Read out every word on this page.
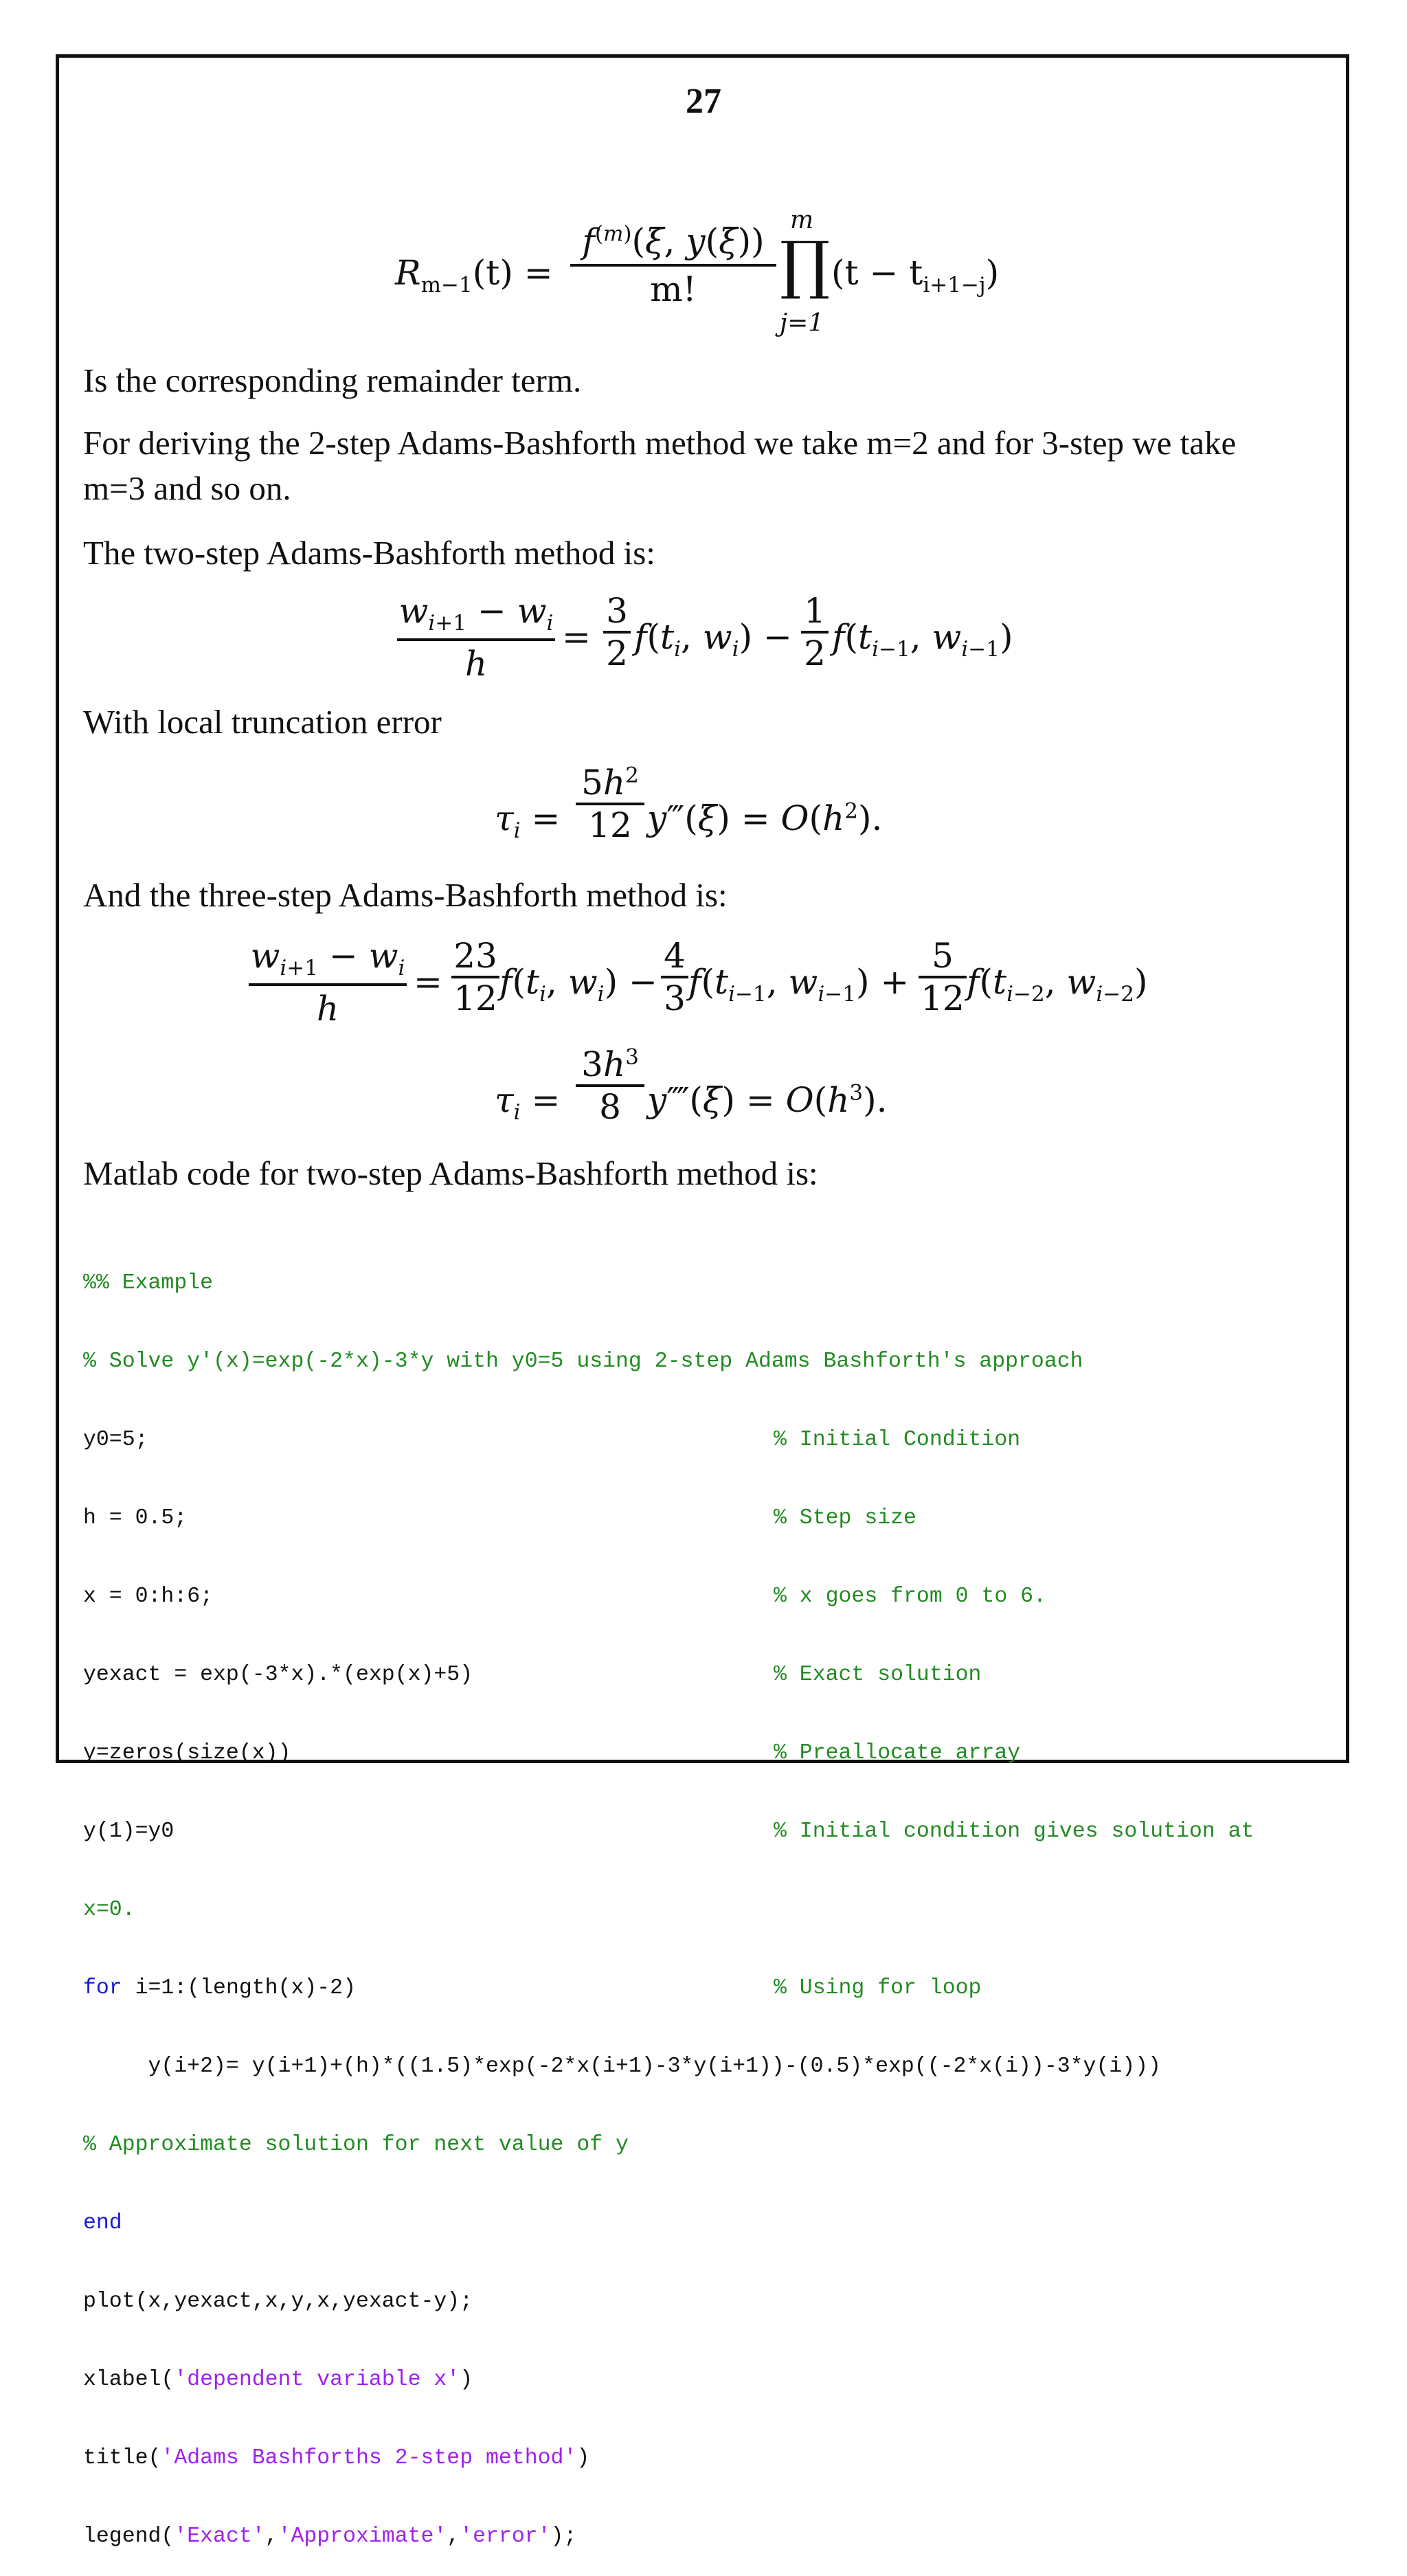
27
$R_{m-1}(t)$ =
$f^{(m)}(\xi$, y(ξ))
m!
m
∏
j=1
$(t - t_{i+1-j})$
Is the corresponding remainder term.
For deriving the 2-step Adams-Bashforth method we take m=2 and for 3-step we take m=3 and so on.
The two-step Adams-Bashforth method is:
$w_{i+1} - w_i$
h
=
3
2 $f(t_i$, $w_i$) −
1
2 $f(t_{i-1}$, $w_{i-1}$)
With local truncation error
$\tau_i$ =
$5h^2$
12 y‴(ξ) = $O(h^2)$.
And the three-step Adams-Bashforth method is:
$w_{i+1} - w_i$
h
=
23
12 $f(t_i$, $w_i$) −
4
3 $f(t_{i-1}$, $w_{i-1}$) +
5
12 $f(t_{i-2}$, $w_{i-2}$)
$\tau_i$ =
$3h^3$
8 y⁗(ξ) = $O(h^3)$.
Matlab code for two-step Adams-Bashforth method is:

%% Example

% Solve y'(x)=exp(-2*x)-3*y with y0=5 using 2-step Adams Bashforth's approach

y0=5;	% Initial Condition

h = 0.5;	% Step size

x = 0:h:6;	% x goes from 0 to 6.

yexact = exp(-3*x).*(exp(x)+5)	% Exact solution

y=zeros(size(x))	% Preallocate array

y(1)=y0	% Initial condition gives solution at

x=0.

for i=1:(length(x)-2)	% Using for loop

y(i+2)= y(i+1)+(h)*((1.5)*exp(-2*x(i+1)-3*y(i+1))-(0.5)*exp((-2*x(i))-3*y(i)))

% Approximate solution for next value of y

end

plot(x,yexact,x,y,x,yexact-y);

xlabel('dependent variable x')

title('Adams Bashforths 2-step method')

legend('Exact','Approximate','error');
